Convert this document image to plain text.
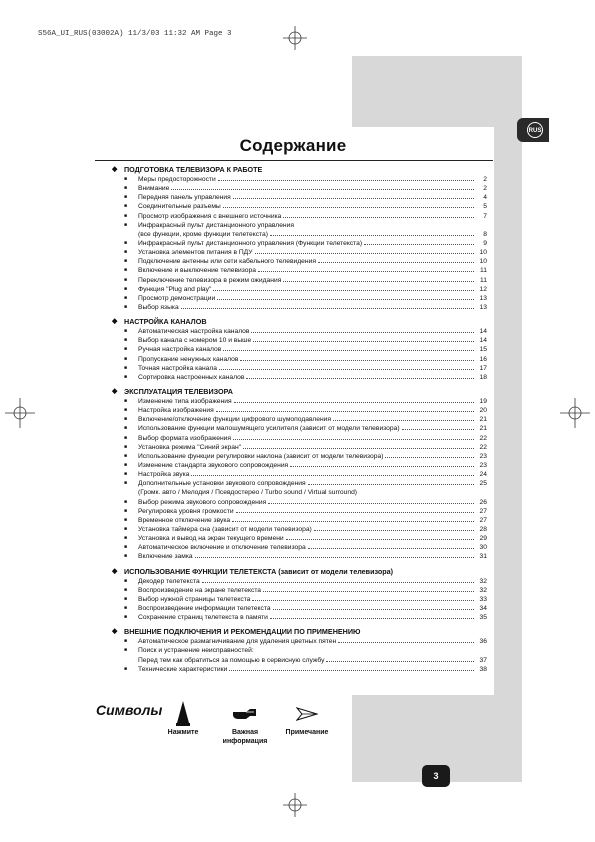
S56A_UI_RUS(03002A) 11/3/03 11:32 AM Page 3
RUS
Содержание
◆ ПОДГОТОВКА ТЕЛЕВИЗОРА К РАБОТЕ
■ Меры предосторожности	2
■ Внимание	2
■ Передняя панель управления	4
■ Соединительные разъемы	5
■ Просмотр изображения с внешнего источника	7
■ Инфракрасный пульт дистанционного управления
(все функции, кроме функции телетекста)	8
■ Инфракрасный пульт дистанционного управления (Функции телетекста)	9
■ Установка элементов питания в ПДУ	10
■ Подключение антенны или сети кабельного телевидения	10
■ Включение и выключение телевизора	11
■ Переключение телевизора в режим ожидания	11
■ Функция "Plug and play"	12
■ Просмотр демонстрации	13
■ Выбор языка	13
◆ НАСТРОЙКА КАНАЛОВ
■ Автоматическая настройка каналов	14
■ Выбор канала с номером 10 и выше	14
■ Ручная настройка каналов	15
■ Пропускание ненужных каналов	16
■ Точная настройка канала	17
■ Сортировка настроенных каналов	18
◆ ЭКСПЛУАТАЦИЯ ТЕЛЕВИЗОРА
■ Изменение типа изображения	19
■ Настройка изображения	20
■ Включение/отключение функции цифрового шумоподавления	21
■ Использование функции малошумящего усилителя (зависит от модели телевизора)	21
■ Выбор формата изображения	22
■ Установка режима "Синий экран"	22
■ Использование функции регулировки наклона (зависит от модели телевизора)	23
■ Изменение стандарта звукового сопровождения	23
■ Настройка звука	24
■ Дополнительные установки звукового сопровождения	25
(Громк. авто / Мелодия / Псевдостерео / Turbo sound / Virtual surround)
■ Выбор режима звукового сопровождения	26
■ Регулировка уровня громкости	27
■ Временное отключение звука	27
■ Установка таймера сна (зависит от модели телевизора)	28
■ Установка и вывод на экран текущего времени	29
■ Автоматическое включение и отключение телевизора	30
■ Включение замка	31
◆ ИСПОЛЬЗОВАНИЕ ФУНКЦИИ ТЕЛЕТЕКСТА (зависит от модели телевизора)
■ Декодер телетекста	32
■ Воспроизведение на экране телетекста	32
■ Выбор нужной страницы телетекста	33
■ Воспроизведение информации телетекста	34
■ Сохранение страниц телетекста в памяти	35
◆ ВНЕШНИЕ ПОДКЛЮЧЕНИЯ И РЕКОМЕНДАЦИИ ПО ПРИМЕНЕНИЮ
■ Автоматическое размагничивание для удаления цветных пятен	36
■ Поиск и устранение неисправностей:
Перед тем как обратиться за помощью в сервисную службу	37
■ Технические характеристики	38
Символы
Нажмите	Важная
информация
Примечание
3
